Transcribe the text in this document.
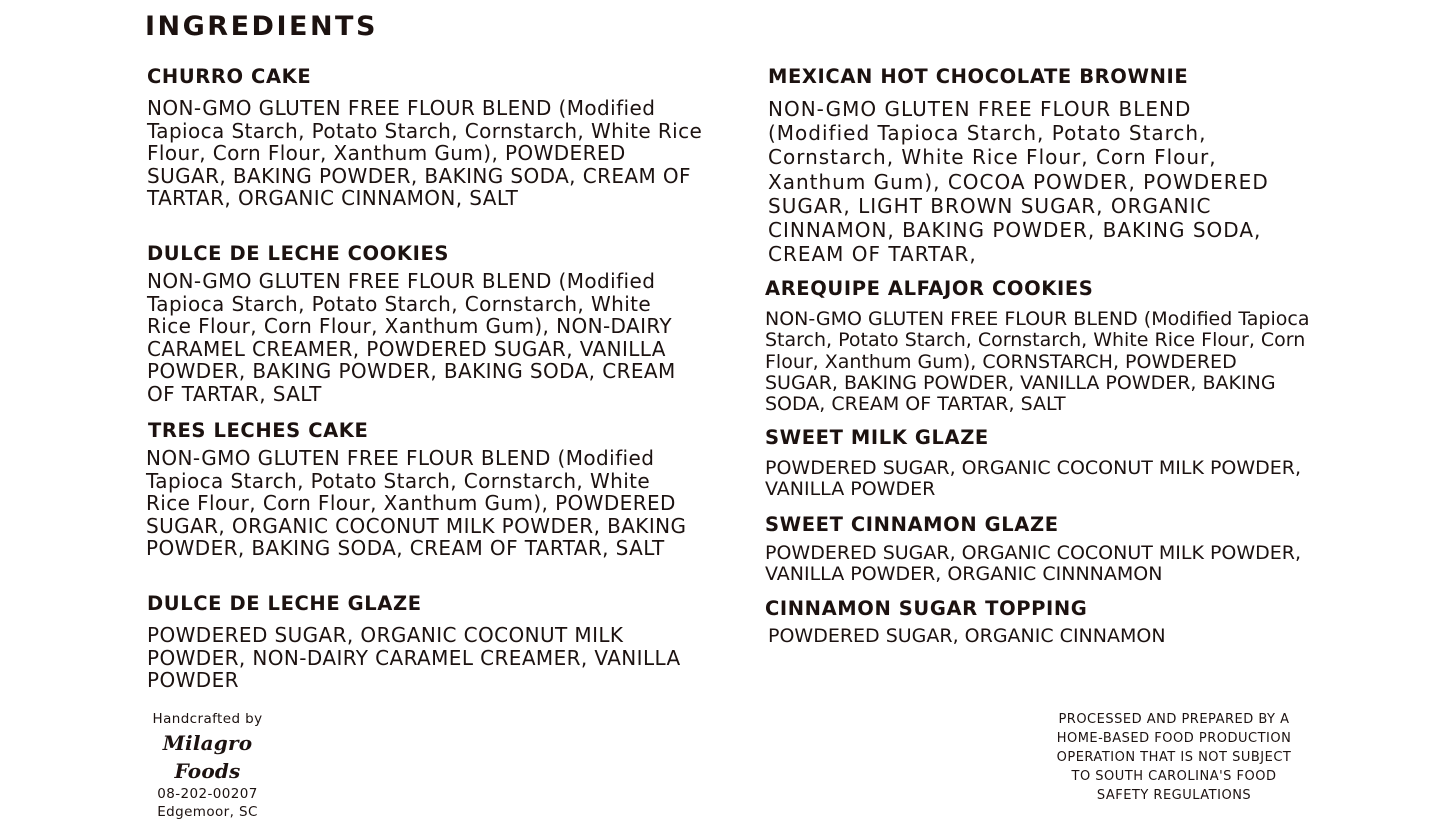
INGREDIENTS
CHURRO CAKE

NON-GMO GLUTEN FREE FLOUR BLEND (Modified Tapioca Starch, Potato Starch, Cornstarch, White Rice Flour, Corn Flour, Xanthum Gum), POWDERED SUGAR, BAKING POWDER, BAKING SODA, CREAM OF TARTAR, ORGANIC CINNAMON, SALT

DULCE DE LECHE COOKIES

NON-GMO GLUTEN FREE FLOUR BLEND (Modified Tapioca Starch, Potato Starch, Cornstarch, White Rice Flour, Corn Flour, Xanthum Gum), NON-DAIRY CARAMEL CREAMER, POWDERED SUGAR, VANILLA POWDER, BAKING POWDER, BAKING SODA, CREAM OF TARTAR, SALT

TRES LECHES CAKE

NON-GMO GLUTEN FREE FLOUR BLEND (Modified Tapioca Starch, Potato Starch, Cornstarch, White Rice Flour, Corn Flour, Xanthum Gum), POWDERED SUGAR, ORGANIC COCONUT MILK POWDER, BAKING POWDER, BAKING SODA, CREAM OF TARTAR, SALT

DULCE DE LECHE GLAZE

POWDERED SUGAR, ORGANIC COCONUT MILK POWDER, NON-DAIRY CARAMEL CREAMER, VANILLA POWDER

MEXICAN HOT CHOCOLATE BROWNIE

NON-GMO GLUTEN FREE FLOUR BLEND (Modified Tapioca Starch, Potato Starch, Cornstarch, White Rice Flour, Corn Flour, Xanthum Gum), COCOA POWDER, POWDERED SUGAR, LIGHT BROWN SUGAR, ORGANIC CINNAMON, BAKING POWDER, BAKING SODA, CREAM OF TARTAR,

AREQUIPE ALFAJOR COOKIES

NON-GMO GLUTEN FREE FLOUR BLEND (Modified Tapioca Starch, Potato Starch, Cornstarch, White Rice Flour, Corn Flour, Xanthum Gum), CORNSTARCH, POWDERED SUGAR, BAKING POWDER, VANILLA POWDER, BAKING SODA, CREAM OF TARTAR, SALT

SWEET MILK GLAZE

POWDERED SUGAR, ORGANIC COCONUT MILK POWDER, VANILLA POWDER

SWEET CINNAMON GLAZE

POWDERED SUGAR, ORGANIC COCONUT MILK POWDER, VANILLA POWDER, ORGANIC CINNNAMON

CINNAMON SUGAR TOPPING

POWDERED SUGAR, ORGANIC CINNAMON

Handcrafted by
Milagro Foods
08-202-00207
Edgemoor, SC
PROCESSED AND PREPARED BY A
HOME-BASED FOOD PRODUCTION
OPERATION THAT IS NOT SUBJECT
TO SOUTH CAROLINA'S FOOD
SAFETY REGULATIONS
